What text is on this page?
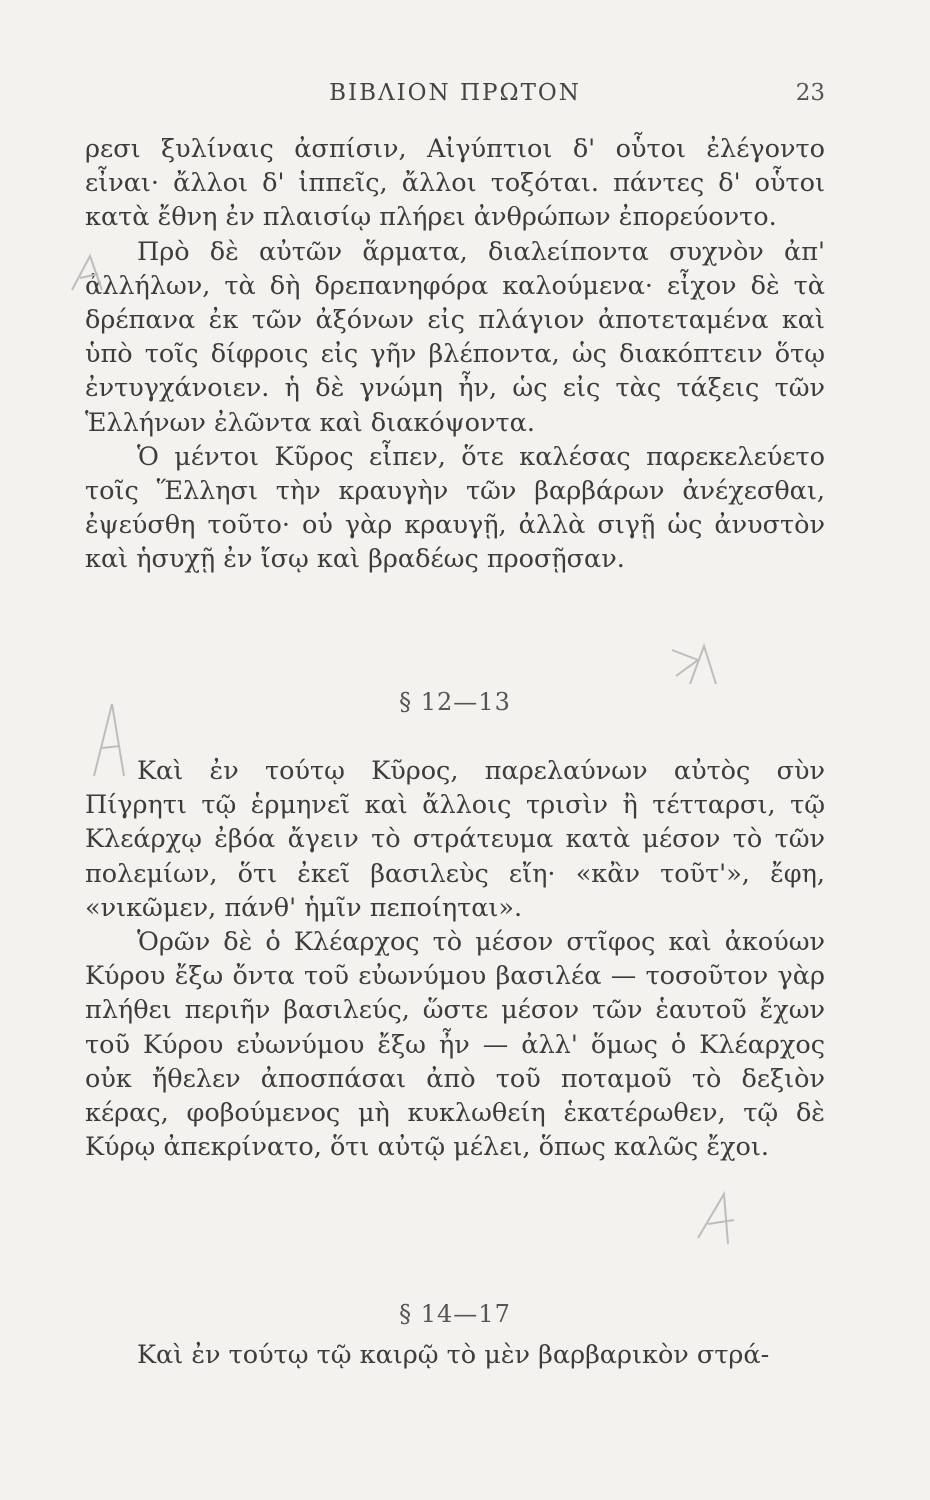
ΒΙΒΛΙΟΝ ΠΡΩΤΟΝ	23

ρεσι ξυλίναις ἀσπίσιν, Αἰγύπτιοι δ' οὗτοι ἐλέγοντο εἶναι· ἄλλοι δ' ἱππεῖς, ἄλλοι τοξόται. πάντες δ' οὗτοι κατὰ ἔθνη ἐν πλαισίῳ πλήρει ἀνθρώπων ἐπορεύοντο.

Πρὸ δὲ αὐτῶν ἅρματα, διαλείποντα συχνὸν ἀπ' ἀλλήλων, τὰ δὴ δρεπανηφόρα καλούμενα· εἶχον δὲ τὰ δρέπανα ἐκ τῶν ἀξόνων εἰς πλάγιον ἀποτεταμένα καὶ ὑπὸ τοῖς δίφροις εἰς γῆν βλέποντα, ὡς διακόπτειν ὅτῳ ἐντυγχάνοιεν. ἡ δὲ γνώμη ἦν, ὡς εἰς τὰς τάξεις τῶν Ἑλλήνων ἐλῶντα καὶ διακόψοντα.

Ὁ μέντοι Κῦρος εἶπεν, ὅτε καλέσας παρεκελεύετο τοῖς Ἕλλησι τὴν κραυγὴν τῶν βαρβάρων ἀνέχεσθαι, ἐψεύσθη τοῦτο· οὐ γὰρ κραυγῇ, ἀλλὰ σιγῇ ὡς ἀνυστὸν καὶ ἡσυχῇ ἐν ἴσῳ καὶ βραδέως προσῇσαν.

§ 12—13

Καὶ ἐν τούτῳ Κῦρος, παρελαύνων αὐτὸς σὺν Πίγρητι τῷ ἑρμηνεῖ καὶ ἄλλοις τρισὶν ἢ τέτταρσι, τῷ Κλεάρχῳ ἐβόα ἄγειν τὸ στράτευμα κατὰ μέσον τὸ τῶν πολεμίων, ὅτι ἐκεῖ βασιλεὺς εἴη· «κἂν τοῦτ'», ἔφη, «νικῶμεν, πάνθ' ἡμῖν πεποίηται».

Ὁρῶν δὲ ὁ Κλέαρχος τὸ μέσον στῖφος καὶ ἀκούων Κύρου ἔξω ὄντα τοῦ εὐωνύμου βασιλέα — τοσοῦτον γὰρ πλήθει περιῆν βασιλεύς, ὥστε μέσον τῶν ἑαυτοῦ ἔχων τοῦ Κύρου εὐωνύμου ἔξω ἦν — ἀλλ' ὅμως ὁ Κλέαρχος οὐκ ἤθελεν ἀποσπάσαι ἀπὸ τοῦ ποταμοῦ τὸ δεξιὸν κέρας, φοβούμενος μὴ κυκλωθείη ἑκατέρωθεν, τῷ δὲ Κύρῳ ἀπεκρίνατο, ὅτι αὐτῷ μέλει, ὅπως καλῶς ἔχοι.

§ 14—17

Καὶ ἐν τούτῳ τῷ καιρῷ τὸ μὲν βαρβαρικὸν στρά-
